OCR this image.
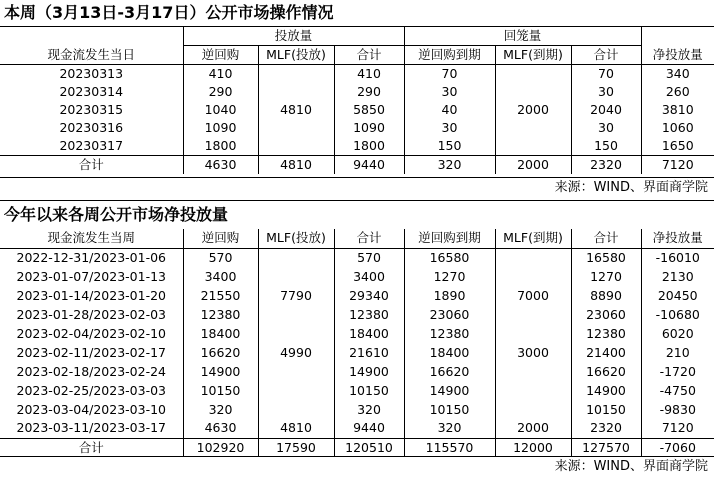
本周（3月13日-3月17日）公开市场操作情况
	投放量			回笼量			
现金流发生当日	逆回购	MLF(投放)	合计	逆回购到期	MLF(到期)	合计	净投放量
20230313	410		410	70		70	340
20230314	290		290	30		30	260
20230315	1040	4810	5850	40	2000	2040	3810
20230316	1090		1090	30		30	1060
20230317	1800		1800	150		150	1650
合计	4630	4810	9440	320	2000	2320	7120
来源：WIND、界面商学院
今年以来各周公开市场净投放量
现金流发生当周	逆回购	MLF(投放)	合计	逆回购到期	MLF(到期)	合计	净投放量
2022-12-31/2023-01-06	570		570	16580		16580	-16010
2023-01-07/2023-01-13	3400		3400	1270		1270	2130
2023-01-14/2023-01-20	21550	7790	29340	1890	7000	8890	20450
2023-01-28/2023-02-03	12380		12380	23060		23060	-10680
2023-02-04/2023-02-10	18400		18400	12380		12380	6020
2023-02-11/2023-02-17	16620	4990	21610	18400	3000	21400	210
2023-02-18/2023-02-24	14900		14900	16620		16620	-1720
2023-02-25/2023-03-03	10150		10150	14900		14900	-4750
2023-03-04/2023-03-10	320		320	10150		10150	-9830
2023-03-11/2023-03-17	4630	4810	9440	320	2000	2320	7120
合计	102920	17590	120510	115570	12000	127570	-7060
来源：WIND、界面商学院
